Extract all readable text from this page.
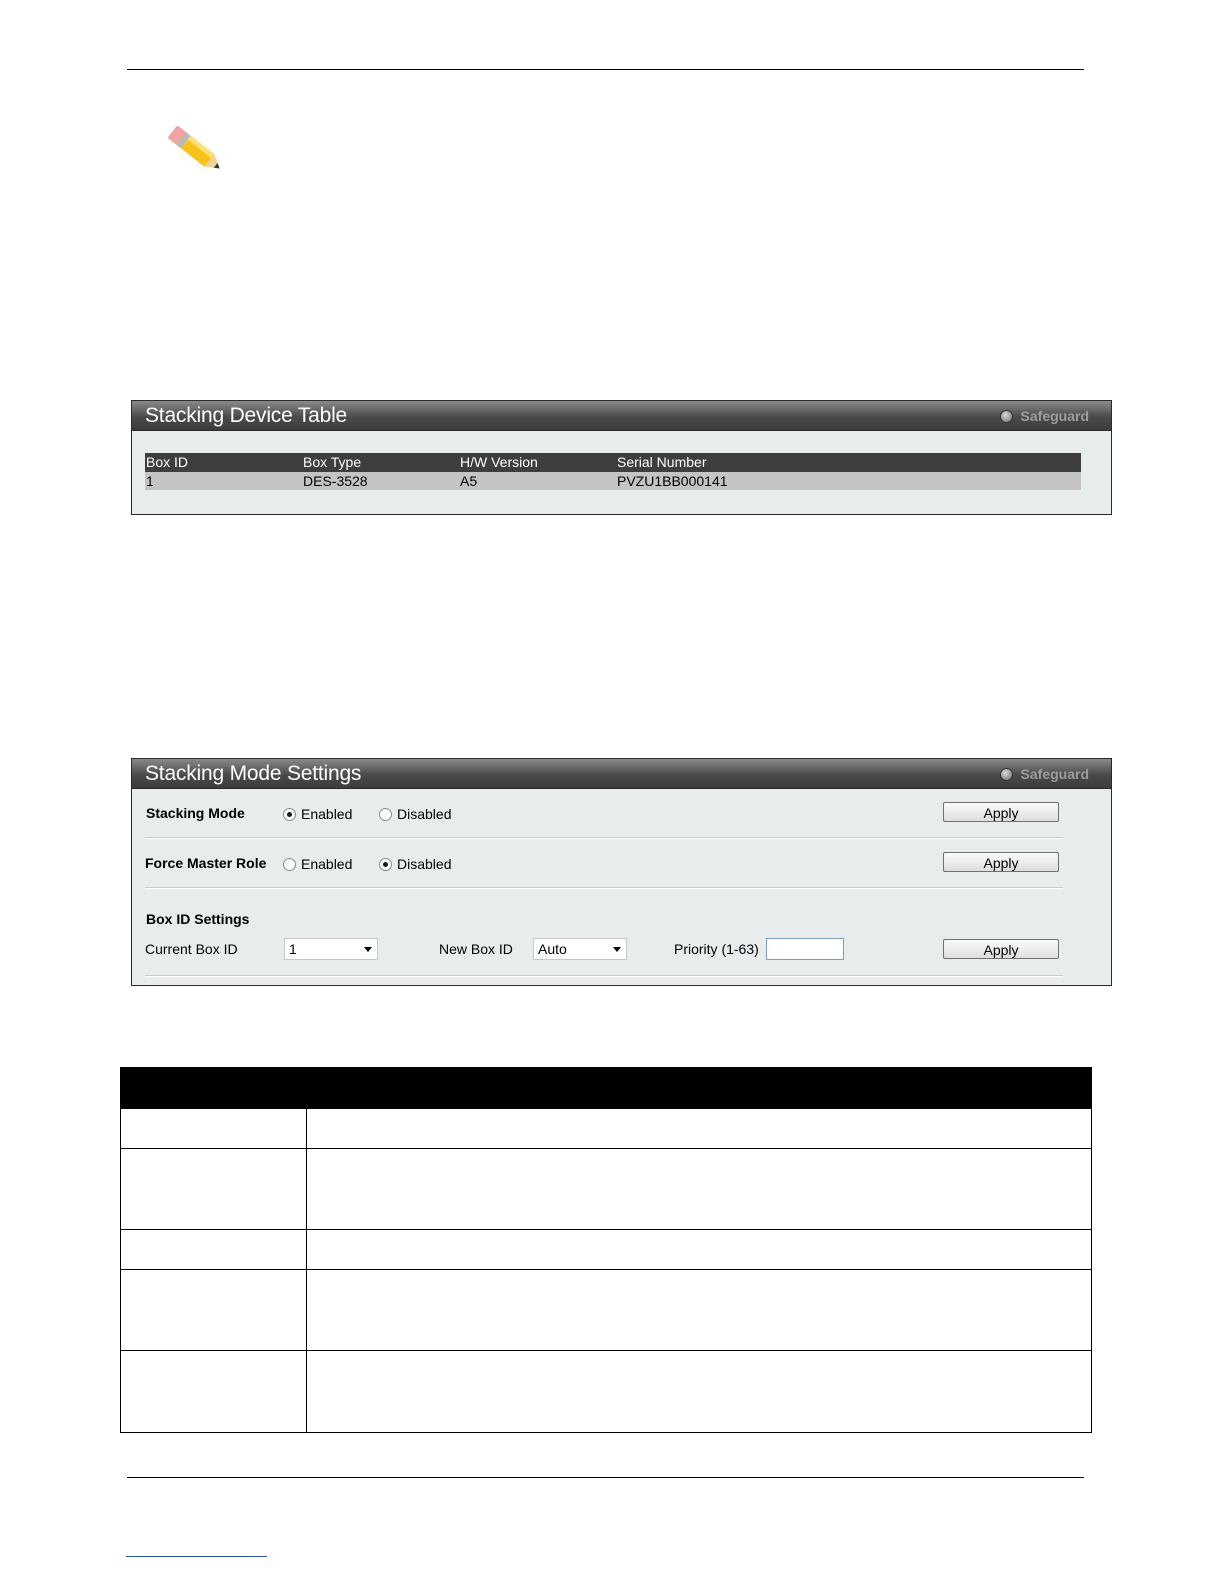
Stacking Device Table	Safeguard
Box ID	Box Type	H/W Version	Serial Number
1	DES-3528	A5	PVZU1BB000141
Stacking Mode Settings	Safeguard
Stacking Mode	Enabled	Disabled	Apply
Force Master Role Enabled	Disabled	Apply
Box ID Settings
Current Box ID	1	New Box ID	Auto	Priority (1-63)	Apply
